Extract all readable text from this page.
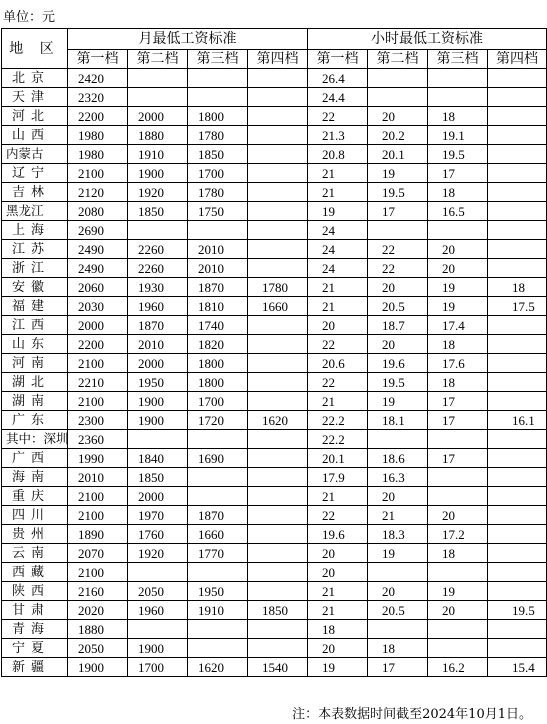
单位：元
地 区	月最低工资标准				小时最低工资标准			
	第一档	第二档	第三档	第四档	第一档	第二档	第三档	第四档
北京	2420				26.4			
天津	2320				24.4			
河北	2200	2000	1800		22	20	18	
山西	1980	1880	1780		21.3	20.2	19.1	
内蒙古	1980	1910	1850		20.8	20.1	19.5	
辽宁	2100	1900	1700		21	19	17	
吉林	2120	1920	1780		21	19.5	18	
黑龙江	2080	1850	1750		19	17	16.5	
上海	2690				24			
江苏	2490	2260	2010		24	22	20	
浙江	2490	2260	2010		24	22	20	
安徽	2060	1930	1870	1780	21	20	19	18
福建	2030	1960	1810	1660	21	20.5	19	17.5
江西	2000	1870	1740		20	18.7	17.4	
山东	2200	2010	1820		22	20	18	
河南	2100	2000	1800		20.6	19.6	17.6	
湖北	2210	1950	1800		22	19.5	18	
湖南	2100	1900	1700		21	19	17	
广东	2300	1900	1720	1620	22.2	18.1	17	16.1
其中：深圳	2360				22.2			
广西	1990	1840	1690		20.1	18.6	17	
海南	2010	1850			17.9	16.3		
重庆	2100	2000			21	20		
四川	2100	1970	1870		22	21	20	
贵州	1890	1760	1660		19.6	18.3	17.2	
云南	2070	1920	1770		20	19	18	
西藏	2100				20			
陕西	2160	2050	1950		21	20	19	
甘肃	2020	1960	1910	1850	21	20.5	20	19.5
青海	1880				18			
宁夏	2050	1900			20	18		
新疆	1900	1700	1620	1540	19	17	16.2	15.4
注：本表数据时间截至2024年10月1日。
